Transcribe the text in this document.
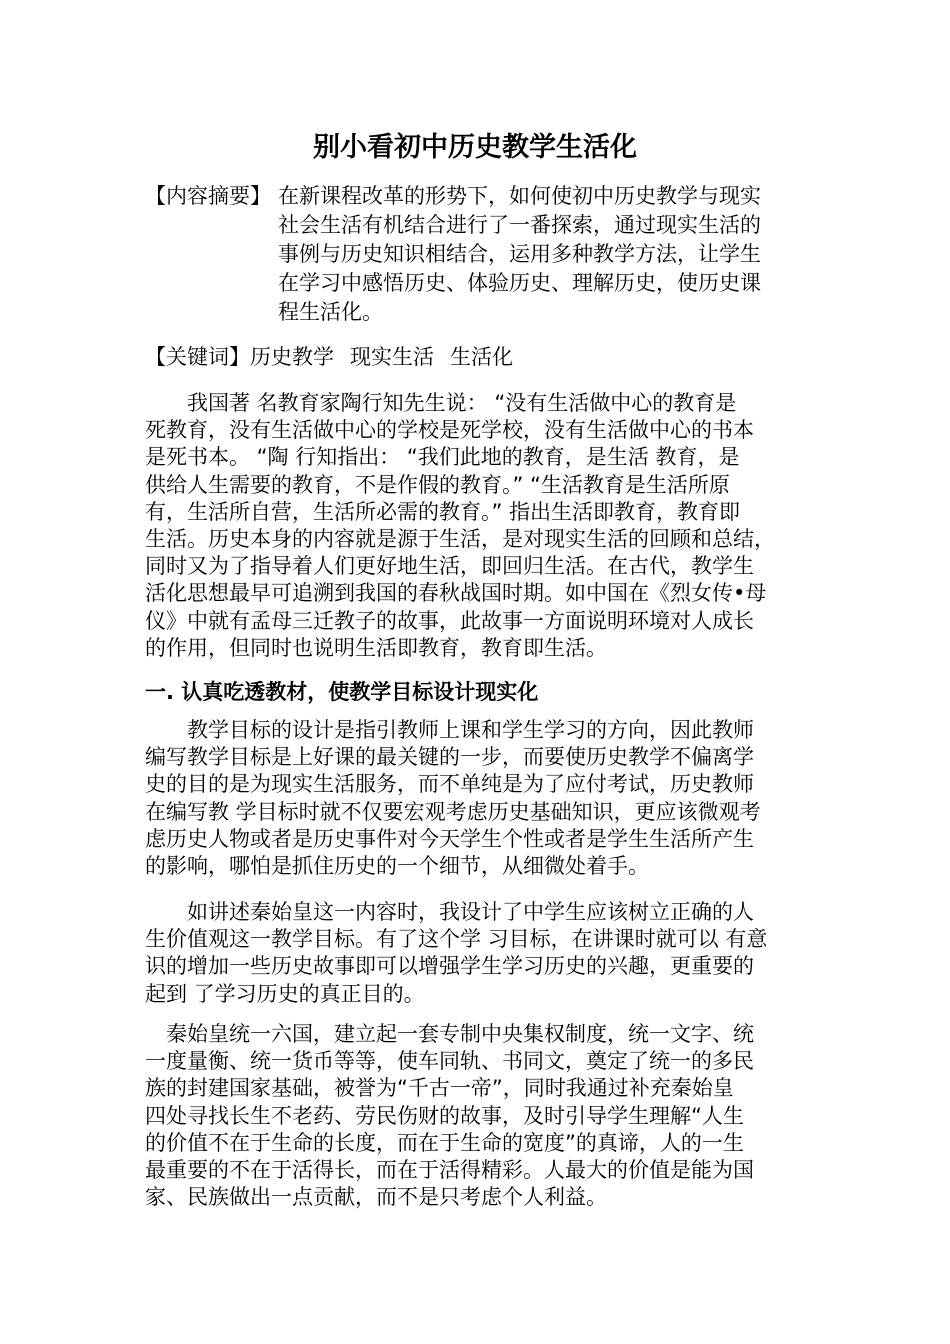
别小看初中历史教学生活化
【内容摘要】 在新课程改革的形势下，如何使初中历史教学与现实
社会生活有机结合进行了一番探索，通过现实生活的
事例与历史知识相结合，运用多种教学方法，让学生
在学习中感悟历史、体验历史、理解历史，使历史课
程生活化。
【关键词】历史教学 现实生活 生活化
　　我国著 名教育家陶行知先生说： “没有生活做中心的教育是
死教育，没有生活做中心的学校是死学校，没有生活做中心的书本
是死书本。 “陶 行知指出： “我们此地的教育，是生活 教育，是
供给人生需要的教育，不是作假的教育。” “生活教育是生活所原
有，生活所自营，生活所必需的教育。” 指出生活即教育，教育即
生活。历史本身的内容就是源于生活，是对现实生活的回顾和总结，
同时又为了指导着人们更好地生活，即回归生活。在古代，教学生
活化思想最早可追溯到我国的春秋战国时期。如中国在《烈女传•母
仪》中就有孟母三迁教子的故事，此故事一方面说明环境对人成长
的作用，但同时也说明生活即教育，教育即生活。
一. 认真吃透教材，使教学目标设计现实化
　　教学目标的设计是指引教师上课和学生学习的方向，因此教师
编写教学目标是上好课的最关键的一步，而要使历史教学不偏离学
史的目的是为现实生活服务，而不单纯是为了应付考试，历史教师
在编写教 学目标时就不仅要宏观考虑历史基础知识，更应该微观考
虑历史人物或者是历史事件对今天学生个性或者是学生生活所产生
的影响，哪怕是抓住历史的一个细节，从细微处着手。
　　如讲述秦始皇这一内容时，我设计了中学生应该树立正确的人
生价值观这一教学目标。有了这个学 习目标，在讲课时就可以 有意
识的增加一些历史故事即可以增强学生学习历史的兴趣，更重要的
起到 了学习历史的真正目的。
　秦始皇统一六国，建立起一套专制中央集权制度，统一文字、统
一度量衡、统一货币等等，使车同轨、书同文，奠定了统一的多民
族的封建国家基础，被誉为“千古一帝”，同时我通过补充秦始皇
四处寻找长生不老药、劳民伤财的故事，及时引导学生理解“人生
的价值不在于生命的长度，而在于生命的宽度”的真谛，人的一生
最重要的不在于活得长，而在于活得精彩。人最大的价值是能为国
家、民族做出一点贡献，而不是只考虑个人利益。
